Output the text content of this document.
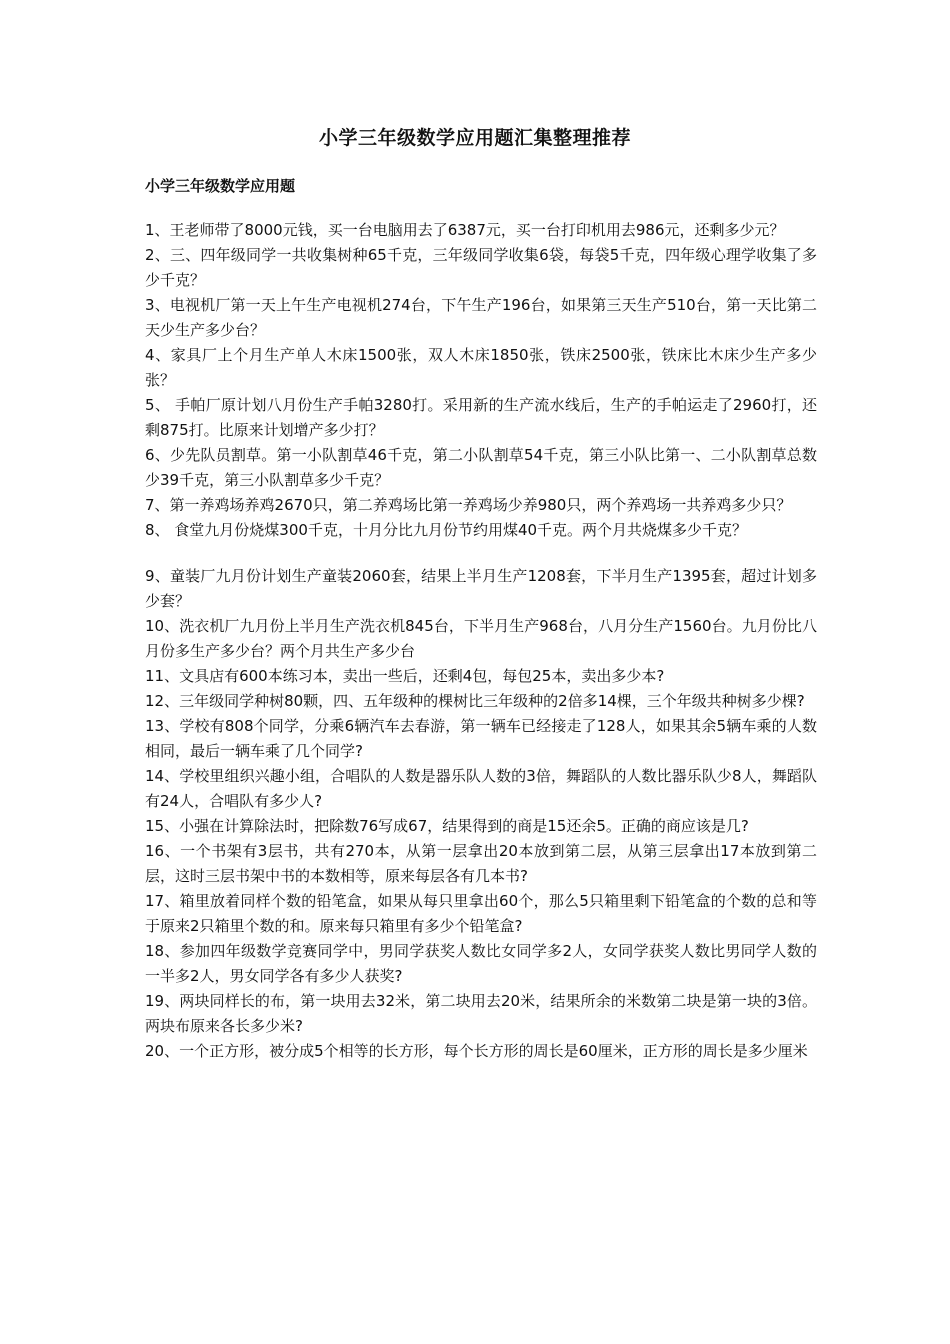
小学三年级数学应用题汇集整理推荐
小学三年级数学应用题
1、王老师带了8000元钱，买一台电脑用去了6387元，买一台打印机用去986元，还剩多少元？
2、三、四年级同学一共收集树种65千克，三年级同学收集6袋，每袋5千克，四年级心理学收集了多少千克？
3、电视机厂第一天上午生产电视机274台，下午生产196台，如果第三天生产510台，第一天比第二天少生产多少台？
4、家具厂上个月生产单人木床1500张，双人木床1850张，铁床2500张，铁床比木床少生产多少张？
5、 手帕厂原计划八月份生产手帕3280打。采用新的生产流水线后，生产的手帕运走了2960打，还剩875打。比原来计划增产多少打？
6、少先队员割草。第一小队割草46千克，第二小队割草54千克，第三小队比第一、二小队割草总数少39千克，第三小队割草多少千克？
7、第一养鸡场养鸡2670只，第二养鸡场比第一养鸡场少养980只，两个养鸡场一共养鸡多少只？
8、 食堂九月份烧煤300千克，十月分比九月份节约用煤40千克。两个月共烧煤多少千克？
9、童装厂九月份计划生产童装2060套，结果上半月生产1208套，下半月生产1395套，超过计划多少套？
10、洗衣机厂九月份上半月生产洗衣机845台，下半月生产968台，八月分生产1560台。九月份比八月份多生产多少台？两个月共生产多少台
11、文具店有600本练习本，卖出一些后，还剩4包，每包25本，卖出多少本?
12、三年级同学种树80颗，四、五年级种的棵树比三年级种的2倍多14棵，三个年级共种树多少棵?
13、学校有808个同学，分乘6辆汽车去春游，第一辆车已经接走了128人，如果其余5辆车乘的人数相同，最后一辆车乘了几个同学?
14、学校里组织兴趣小组，合唱队的人数是器乐队人数的3倍，舞蹈队的人数比器乐队少8人，舞蹈队有24人，合唱队有多少人?
15、小强在计算除法时，把除数76写成67，结果得到的商是15还余5。正确的商应该是几?
16、一个书架有3层书，共有270本，从第一层拿出20本放到第二层，从第三层拿出17本放到第二层，这时三层书架中书的本数相等，原来每层各有几本书?
17、箱里放着同样个数的铅笔盒，如果从每只里拿出60个，那么5只箱里剩下铅笔盒的个数的总和等于原来2只箱里个数的和。原来每只箱里有多少个铅笔盒?
18、参加四年级数学竞赛同学中，男同学获奖人数比女同学多2人，女同学获奖人数比男同学人数的一半多2人，男女同学各有多少人获奖?
19、两块同样长的布，第一块用去32米，第二块用去20米，结果所余的米数第二块是第一块的3倍。两块布原来各长多少米?
20、一个正方形，被分成5个相等的长方形，每个长方形的周长是60厘米，正方形的周长是多少厘米
